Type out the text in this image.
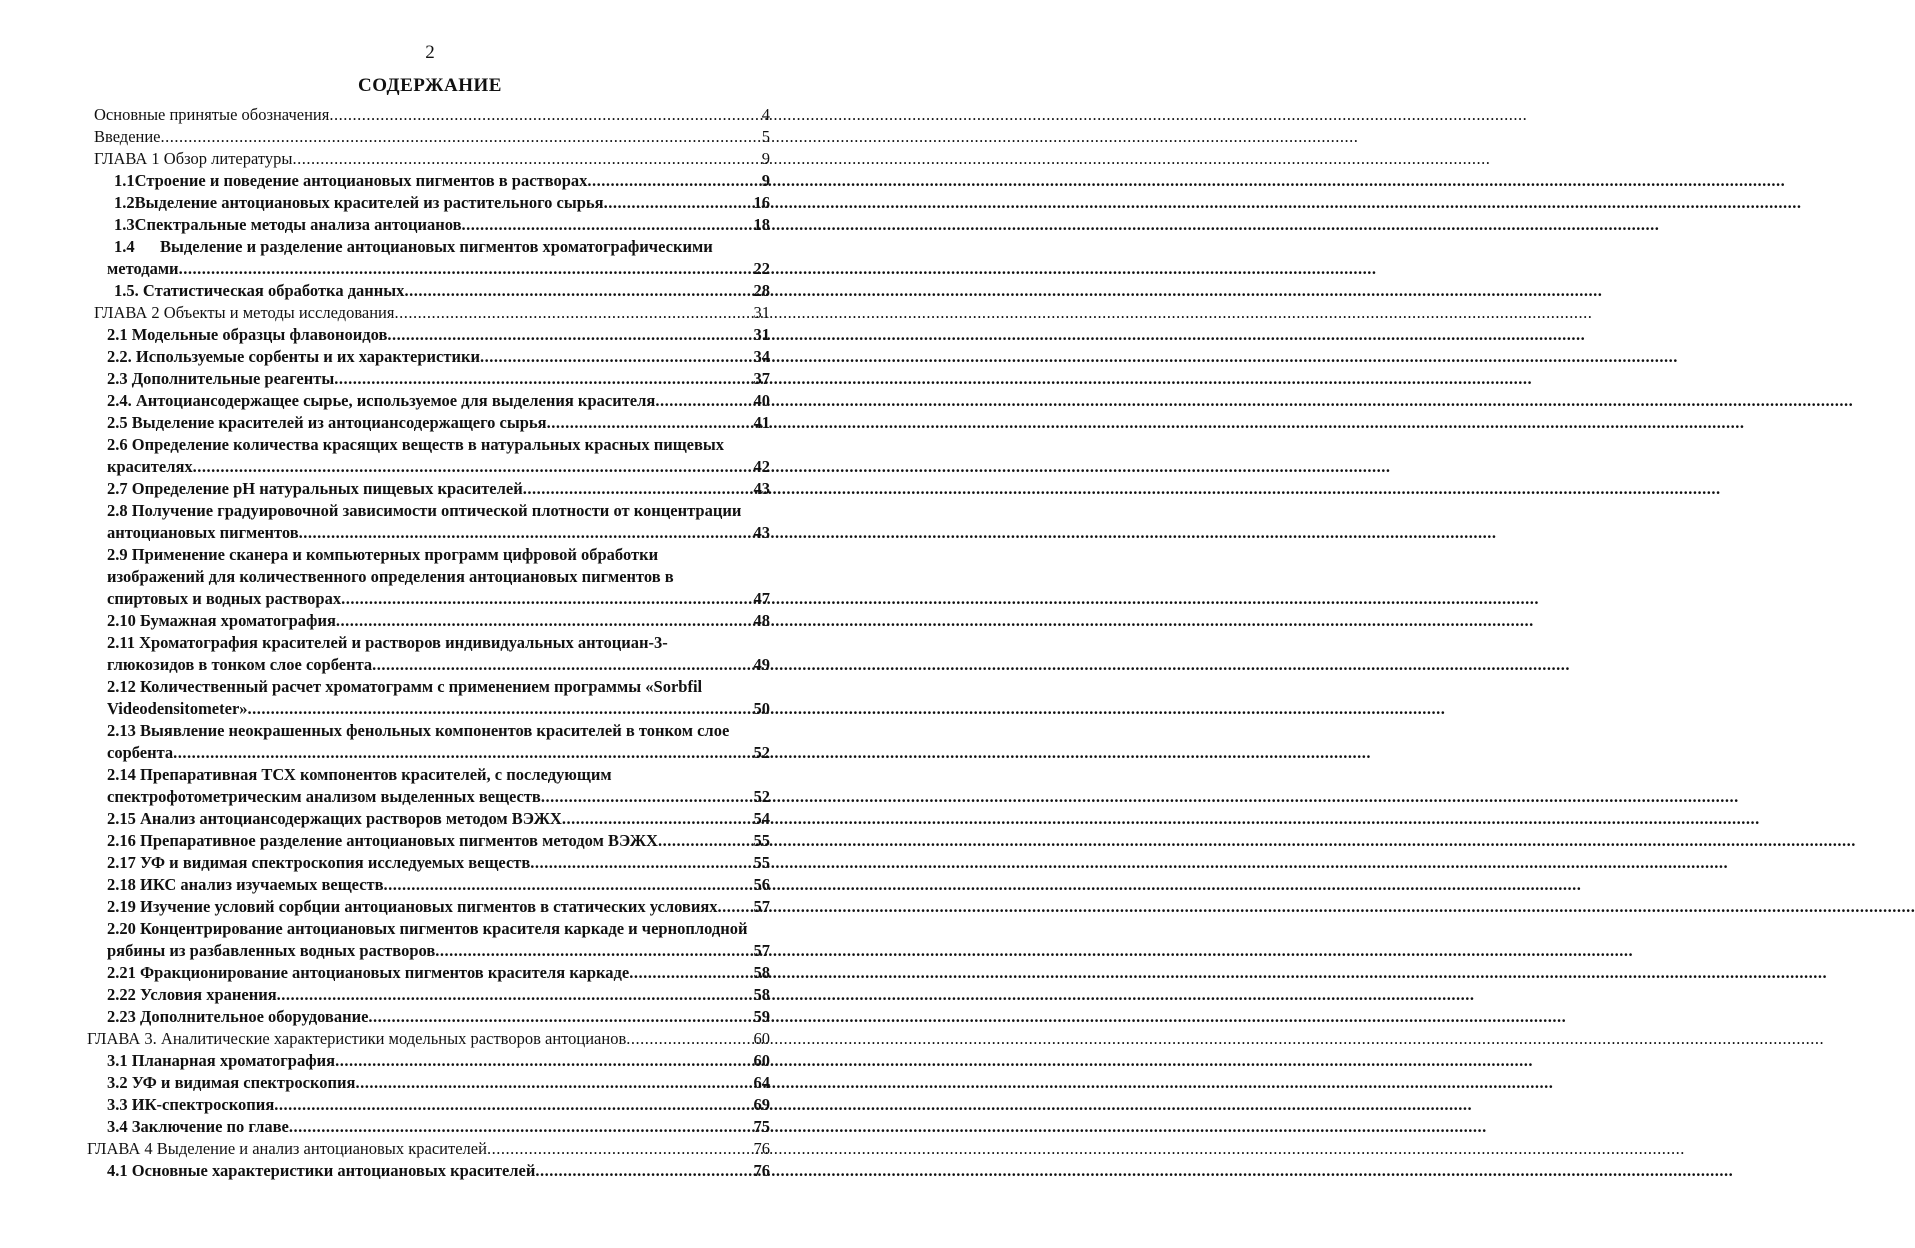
2
СОДЕРЖАНИЕ
Основные принятые обозначения .....	4
Введение .....	5
ГЛАВА 1 Обзор литературы .....	9
1.1 Строение и поведение антоциановых пигментов в растворах .....	9
1.2 Выделение антоциановых красителей из растительного сырья .....	16
1.3 Спектральные методы анализа антоцианов .....	18
1.4	Выделение и разделение антоциановых пигментов хроматографическими
методами .....	22
1.5. Статистическая обработка данных .....	28
ГЛАВА 2 Объекты и методы исследования .....	31
2.1 Модельные образцы флавоноидов .....	31
2.2. Используемые сорбенты и их характеристики .....	34
2.3 Дополнительные реагенты .....	37
2.4. Антоциансодержащее сырье, используемое для выделения красителя .....	40
2.5 Выделение красителей из антоциансодержащего сырья .....	41
2.6 Определение количества красящих веществ в натуральных красных пищевых
красителях .....	42
2.7 Определение pH натуральных пищевых красителей .....	43
2.8 Получение градуировочной зависимости оптической плотности от концентрации
антоциановых пигментов .....	43
2.9 Применение сканера и компьютерных программ цифровой обработки
изображений для количественного определения антоциановых пигментов в
спиртовых и водных растворах .....	47
2.10 Бумажная хроматография .....	48
2.11 Хроматография красителей и растворов индивидуальных антоциан-3-
глюкозидов в тонком слое сорбента .....	49
2.12 Количественный расчет хроматограмм с применением программы «Sorbfil
Videodensitometer» .....	50
2.13 Выявление неокрашенных фенольных компонентов красителей в тонком слое
сорбента .....	52
2.14 Препаративная ТСХ компонентов красителей, с последующим
спектрофотометрическим анализом выделенных веществ .....	52
2.15 Анализ антоциансодержащих растворов методом ВЭЖХ .....	54
2.16 Препаративное разделение антоциановых пигментов методом ВЭЖХ .....	55
2.17 УФ и видимая спектроскопия исследуемых веществ .....	55
2.18 ИКС анализ изучаемых веществ .....	56
2.19 Изучение условий сорбции антоциановых пигментов в статических условиях ..... 57
2.20 Концентрирование антоциановых пигментов красителя каркаде и черноплодной
рябины из разбавленных водных растворов .....	57
2.21 Фракционирование антоциановых пигментов красителя каркаде .....	58
2.22 Условия хранения .....	58
2.23 Дополнительное оборудование .....	59
ГЛАВА 3. Аналитические характеристики модельных растворов антоцианов .....	60
3.1 Планарная хроматография .....	60
3.2 УФ и видимая спектроскопия .....	64
3.3 ИК-спектроскопия .....	69
3.4 Заключение по главе .....	75
ГЛАВА 4 Выделение и анализ антоциановых красителей .....	76
4.1 Основные характеристики антоциановых красителей .....	76
